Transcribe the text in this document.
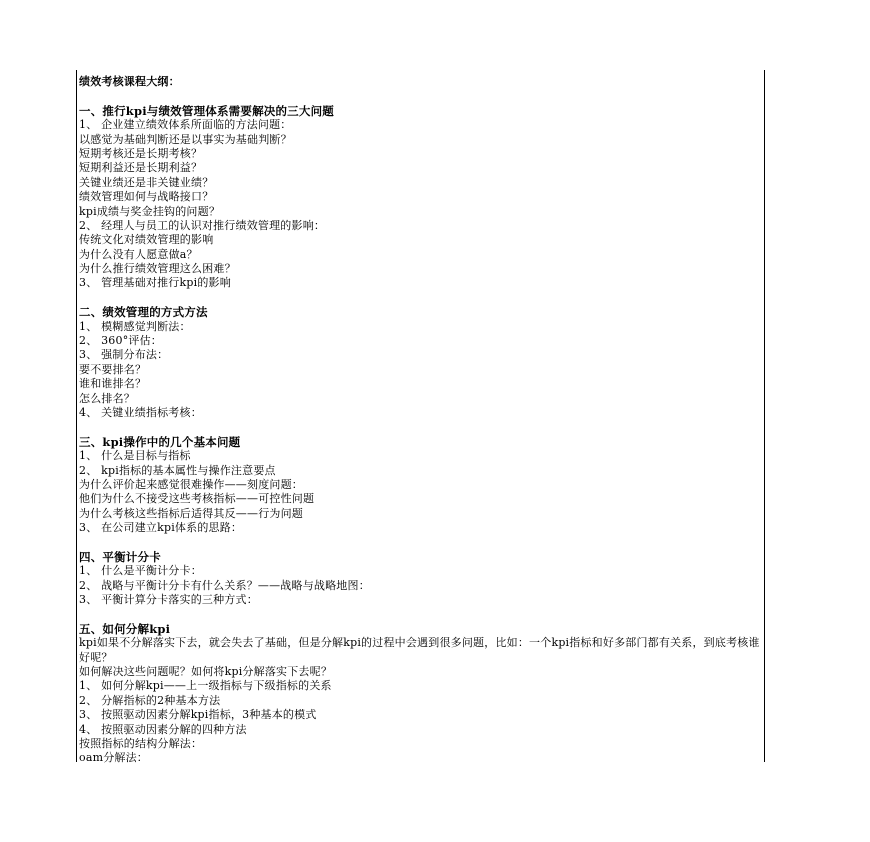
绩效考核课程大纲：
一、推行kpi与绩效管理体系需要解决的三大问题
1、 企业建立绩效体系所面临的方法问题：
以感觉为基础判断还是以事实为基础判断？
短期考核还是长期考核？
短期利益还是长期利益？
关键业绩还是非关键业绩？
绩效管理如何与战略接口？
kpi成绩与奖金挂钩的问题？
2、 经理人与员工的认识对推行绩效管理的影响：
传统文化对绩效管理的影响
为什么没有人愿意做a？
为什么推行绩效管理这么困难？
3、 管理基础对推行kpi的影响
二、绩效管理的方式方法
1、 模糊感觉判断法：
2、 360°评估：
3、 强制分布法：
要不要排名？
谁和谁排名？
怎么排名？
4、 关键业绩指标考核：
三、kpi操作中的几个基本问题
1、 什么是目标与指标
2、 kpi指标的基本属性与操作注意要点
为什么评价起来感觉很难操作——刻度问题：
他们为什么不接受这些考核指标——可控性问题
为什么考核这些指标后适得其反——行为问题
3、 在公司建立kpi体系的思路：
四、平衡计分卡
1、 什么是平衡计分卡：
2、 战略与平衡计分卡有什么关系？——战略与战略地图：
3、 平衡计算分卡落实的三种方式：
五、如何分解kpi
kpi如果不分解落实下去，就会失去了基础，但是分解kpi的过程中会遇到很多问题，比如：一个kpi指标和好多部门都有关系，到底考核谁好呢？
如何解决这些问题呢？如何将kpi分解落实下去呢？
1、 如何分解kpi——上一级指标与下级指标的关系
2、 分解指标的2种基本方法
3、 按照驱动因素分解kpi指标，3种基本的模式
4、 按照驱动因素分解的四种方法
按照指标的结构分解法：
oam分解法：
